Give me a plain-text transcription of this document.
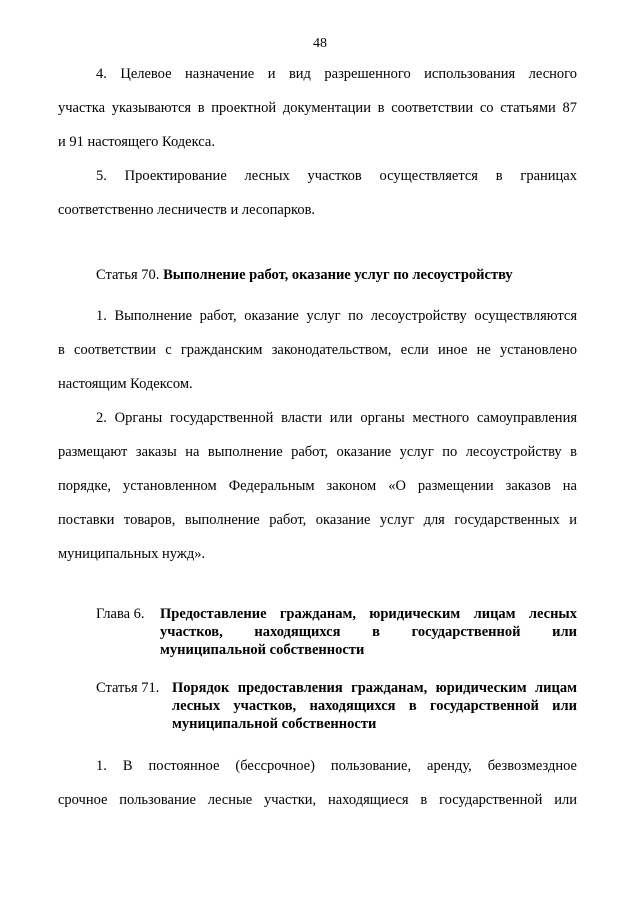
48
4. Целевое назначение и вид разрешенного использования лесного
участка указываются в проектной документации в соответствии со статьями 87
и 91 настоящего Кодекса.
5. Проектирование лесных участков осуществляется в границах
соответственно лесничеств и лесопарков.
Статья 70. Выполнение работ, оказание услуг по лесоустройству
1. Выполнение работ, оказание услуг по лесоустройству осуществляются
в соответствии с гражданским законодательством, если иное не установлено
настоящим Кодексом.
2. Органы государственной власти или органы местного самоуправления
размещают заказы на выполнение работ, оказание услуг по лесоустройству в
порядке, установленном Федеральным законом «О размещении заказов на
поставки товаров, выполнение работ, оказание услуг для государственных и
муниципальных нужд».
Глава 6. Предоставление гражданам, юридическим лицам лесных
участков, находящихся в государственной или
муниципальной собственности
Статья 71. Порядок предоставления гражданам, юридическим лицам
лесных участков, находящихся в государственной или
муниципальной собственности
1. В постоянное (бессрочное) пользование, аренду, безвозмездное
срочное пользование лесные участки, находящиеся в государственной или
